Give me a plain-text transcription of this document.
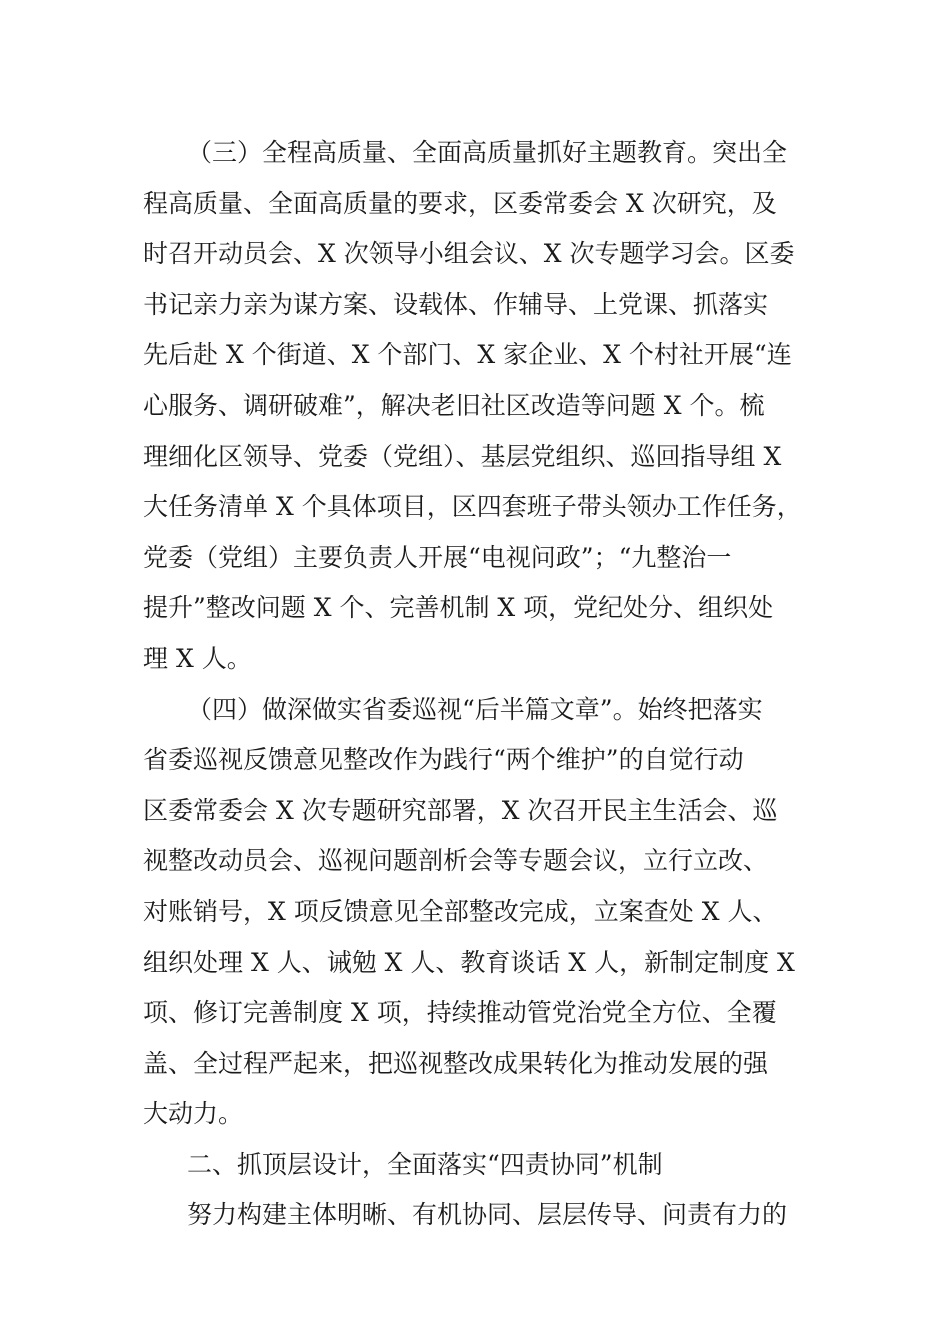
（三）全程高质量、全面高质量抓好主题教育。突出全
程高质量、全面高质量的要求，区委常委会 X 次研究，及
时召开动员会、X 次领导小组会议、X 次专题学习会。区委
书记亲力亲为谋方案、设载体、作辅导、上党课、抓落实
先后赴 X 个街道、X 个部门、X 家企业、X 个村社开展“连
心服务、调研破难”，解决老旧社区改造等问题 X 个。梳
理细化区领导、党委（党组）、基层党组织、巡回指导组 X
大任务清单 X 个具体项目，区四套班子带头领办工作任务，
党委（党组）主要负责人开展“电视问政”；“九整治一
提升”整改问题 X 个、完善机制 X 项，党纪处分、组织处
理 X 人。
（四）做深做实省委巡视“后半篇文章”。始终把落实
省委巡视反馈意见整改作为践行“两个维护”的自觉行动
区委常委会 X 次专题研究部署，X 次召开民主生活会、巡
视整改动员会、巡视问题剖析会等专题会议，立行立改、
对账销号，X 项反馈意见全部整改完成，立案查处 X 人、
组织处理 X 人、诫勉 X 人、教育谈话 X 人，新制定制度 X
项、修订完善制度 X 项，持续推动管党治党全方位、全覆
盖、全过程严起来，把巡视整改成果转化为推动发展的强
大动力。
二、抓顶层设计，全面落实“四责协同”机制
努力构建主体明晰、有机协同、层层传导、问责有力的
